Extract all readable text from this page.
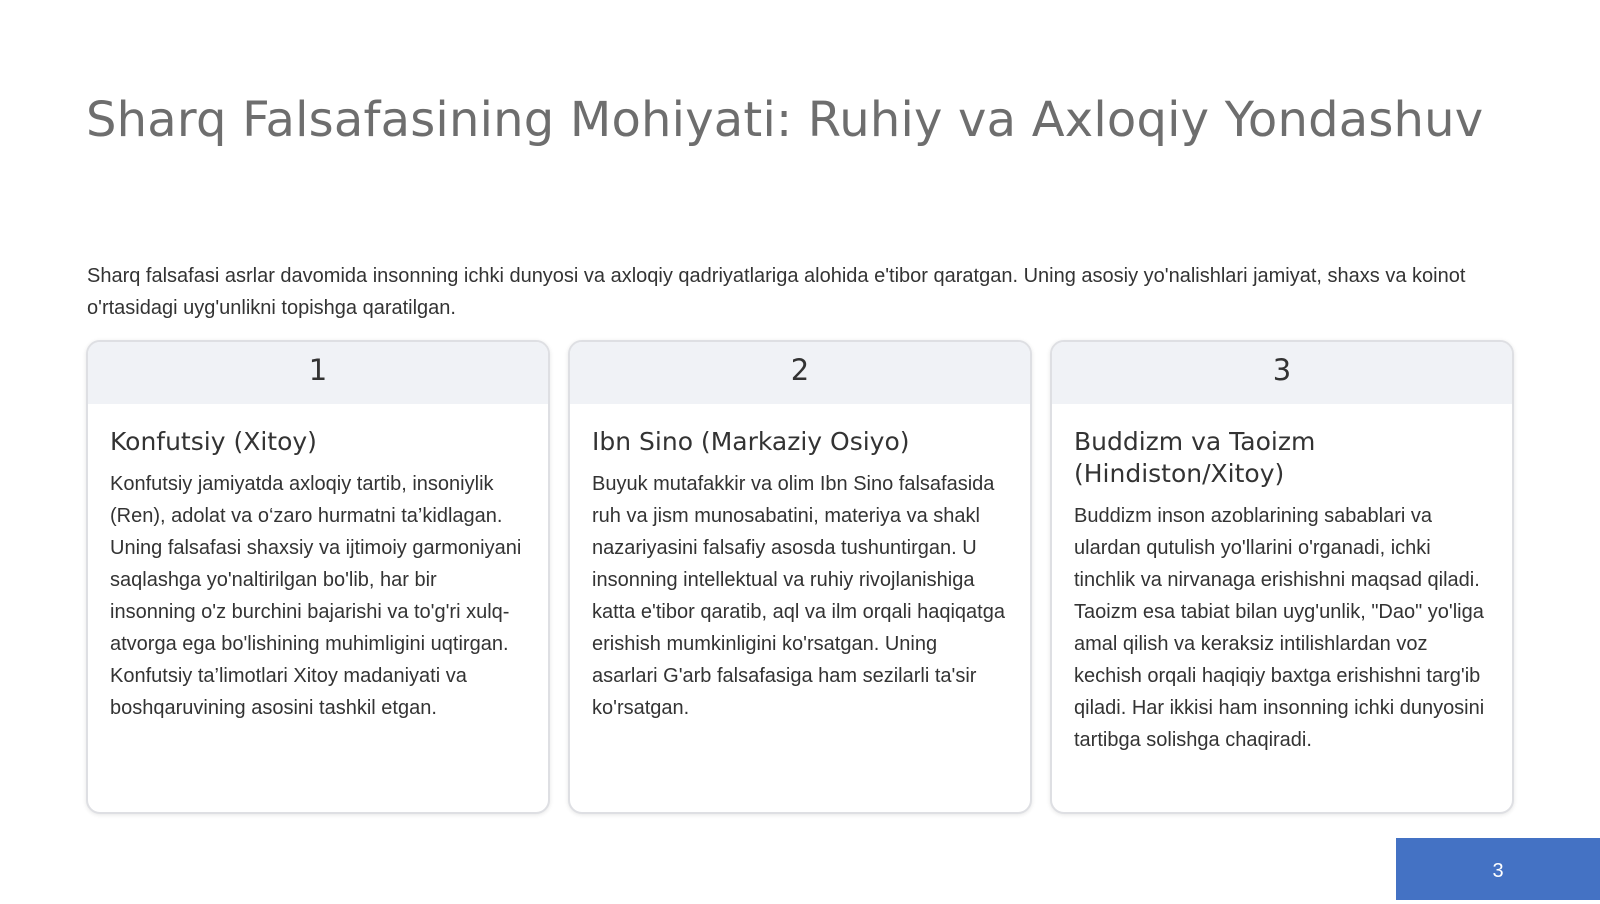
Sharq Falsafasining Mohiyati: Ruhiy va Axloqiy Yondashuv

Sharq falsafasi asrlar davomida insonning ichki dunyosi va axloqiy qadriyatlariga alohida e'tibor qaratgan. Uning asosiy yo'nalishlari jamiyat, shaxs va koinot o'rtasidagi uyg'unlikni topishga qaratilgan.

1
Konfutsiy (Xitoy)

Konfutsiy jamiyatda axloqiy tartib, insoniylik (Ren), adolat va o‘zaro hurmatni ta’kidlagan. Uning falsafasi shaxsiy va ijtimoiy garmoniyani saqlashga yo'naltirilgan bo'lib, har bir insonning o'z burchini bajarishi va to'g'ri xulq-atvorga ega bo'lishining muhimligini uqtirgan. Konfutsiy ta’limotlari Xitoy madaniyati va boshqaruvining asosini tashkil etgan.

2
Ibn Sino (Markaziy Osiyo)

Buyuk mutafakkir va olim Ibn Sino falsafasida ruh va jism munosabatini, materiya va shakl nazariyasini falsafiy asosda tushuntirgan. U insonning intellektual va ruhiy rivojlanishiga katta e'tibor qaratib, aql va ilm orqali haqiqatga erishish mumkinligini ko'rsatgan. Uning asarlari G'arb falsafasiga ham sezilarli ta'sir ko'rsatgan.

3
Buddizm va Taoizm (Hindiston/Xitoy)

Buddizm inson azoblarining sabablari va ulardan qutulish yo'llarini o'rganadi, ichki tinchlik va nirvanaga erishishni maqsad qiladi. Taoizm esa tabiat bilan uyg'unlik, "Dao" yo'liga amal qilish va keraksiz intilishlardan voz kechish orqali haqiqiy baxtga erishishni targ'ib qiladi. Har ikkisi ham insonning ichki dunyosini tartibga solishga chaqiradi.

3
